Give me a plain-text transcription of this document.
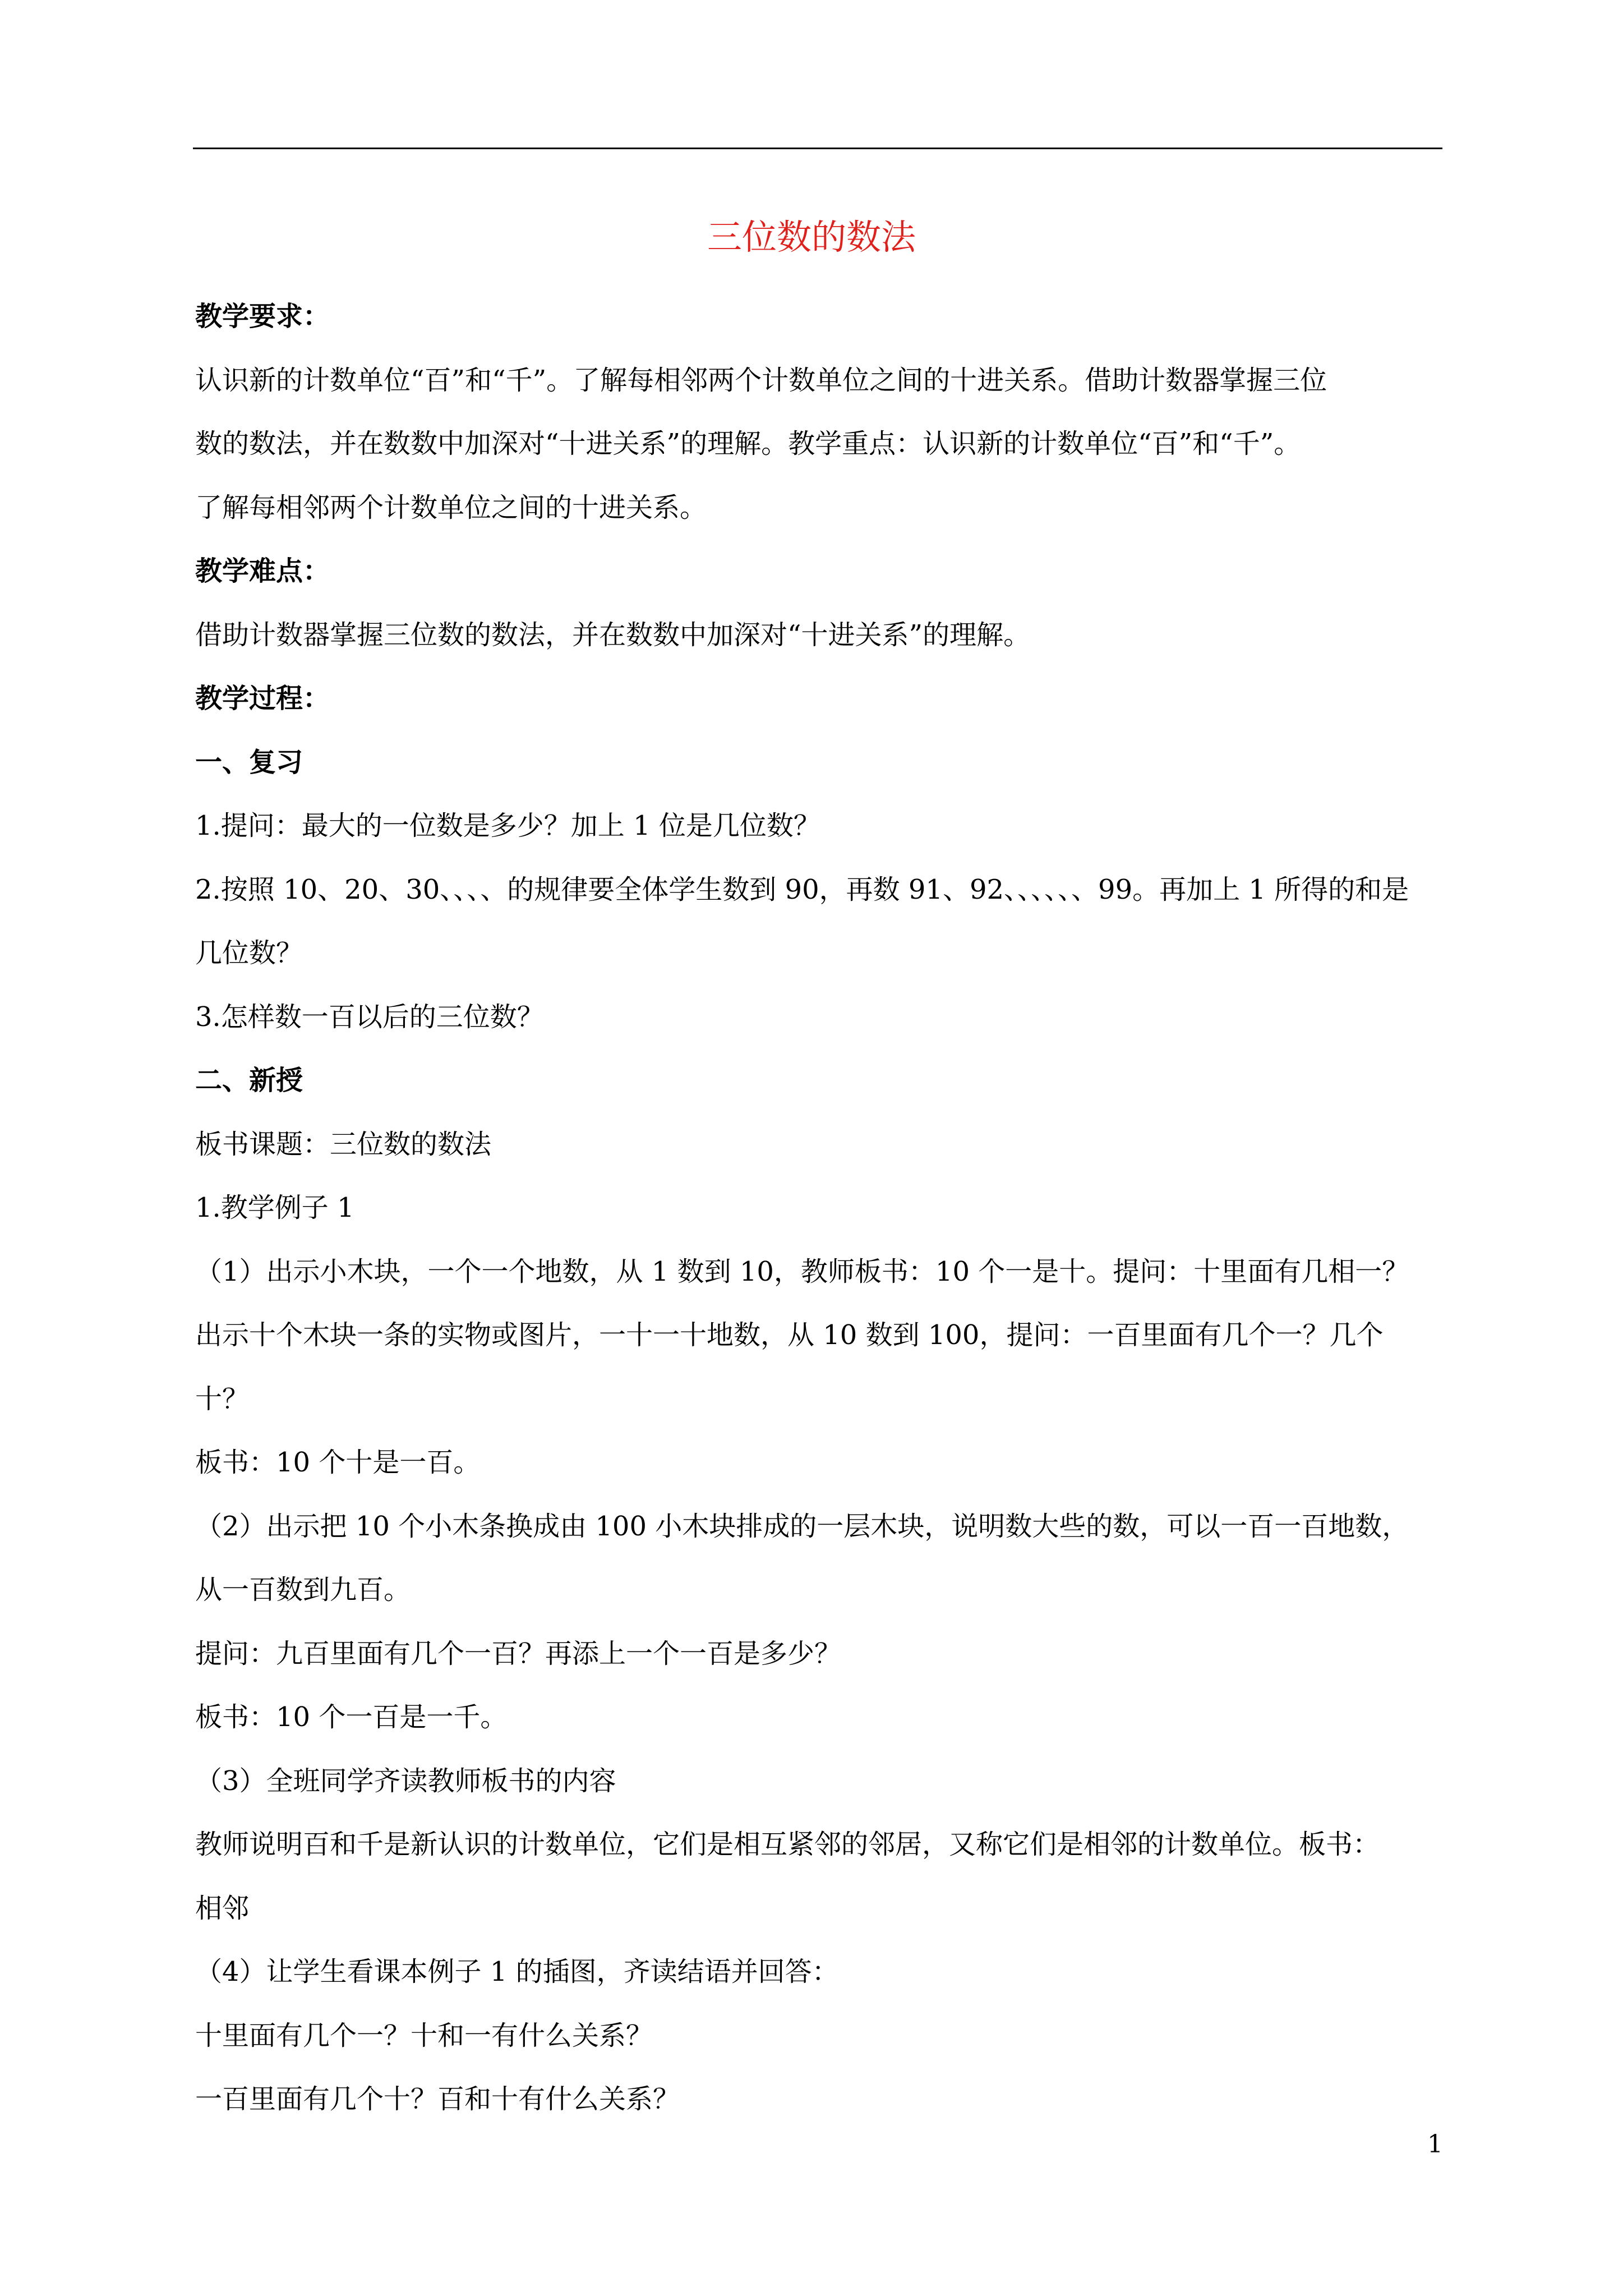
三位数的数法

教学要求：

认识新的计数单位“百”和“千”。了解每相邻两个计数单位之间的十进关系。借助计数器掌握三位

数的数法，并在数数中加深对“十进关系”的理解。教学重点：认识新的计数单位“百”和“千”。

了解每相邻两个计数单位之间的十进关系。

教学难点：

借助计数器掌握三位数的数法，并在数数中加深对“十进关系”的理解。

教学过程：

一、复习

1.提问：最大的一位数是多少？加上 1 位是几位数？

2.按照 10、20、30、、、、的规律要全体学生数到 90，再数 91、92、、、、、、99。再加上 1 所得的和是

几位数？

3.怎样数一百以后的三位数？

二、新授

板书课题：三位数的数法

1.教学例子 1

（1）出示小木块，一个一个地数，从 1 数到 10，教师板书：10 个一是十。提问：十里面有几相一？

出示十个木块一条的实物或图片，一十一十地数，从 10 数到 100，提问：一百里面有几个一？几个

十？

板书：10 个十是一百。

（2）出示把 10 个小木条换成由 100 小木块排成的一层木块，说明数大些的数，可以一百一百地数，

从一百数到九百。

提问：九百里面有几个一百？再添上一个一百是多少？

板书：10 个一百是一千。

（3）全班同学齐读教师板书的内容

教师说明百和千是新认识的计数单位，它们是相互紧邻的邻居，又称它们是相邻的计数单位。板书：

相邻

（4）让学生看课本例子 1 的插图，齐读结语并回答：

十里面有几个一？十和一有什么关系？

一百里面有几个十？百和十有什么关系？

1
